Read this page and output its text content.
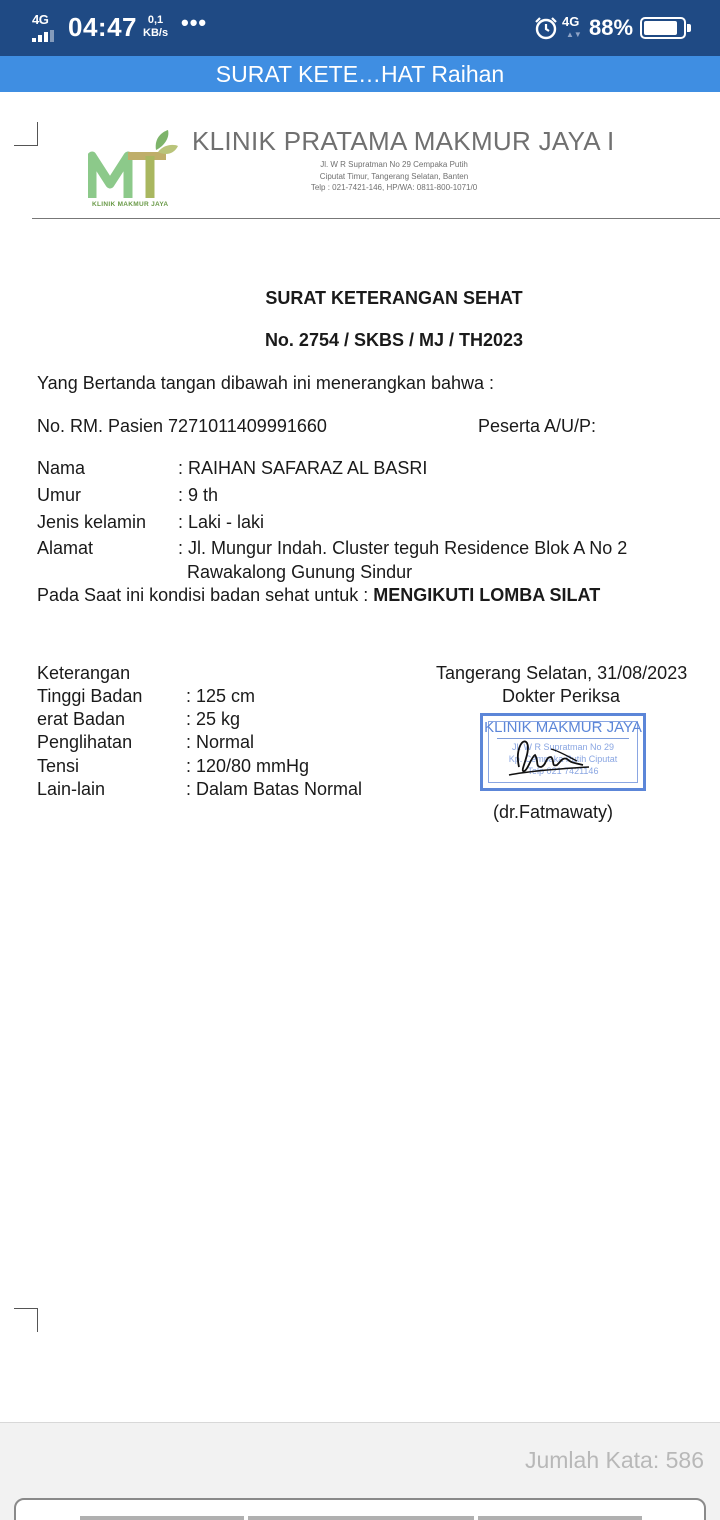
4G 04:47 0,1
KB/s •••	4G
▲▼ 88%
SURAT KETE…HAT Raihan
KLINIK MAKMUR JAYA
KLINIK PRATAMA MAKMUR JAYA I
Jl. W R Supratman No 29 Cempaka Putih
Ciputat Timur, Tangerang Selatan, Banten
Telp : 021-7421-146, HP/WA: 0811-800-1071/0
SURAT KETERANGAN SEHAT
No. 2754 / SKBS / MJ / TH2023
Yang Bertanda tangan dibawah ini menerangkan bahwa :
No. RM. Pasien 7271011409991660	Peserta A/U/P:
Nama	: RAIHAN SAFARAZ AL BASRI
Umur	: 9 th
Jenis kelamin : Laki - laki
Alamat	: Jl. Mungur Indah. Cluster teguh Residence Blok A No 2
Rawakalong Gunung Sindur
Pada Saat ini kondisi badan sehat untuk : MENGIKUTI LOMBA SILAT
Keterangan
Tinggi Badan : 125 cm
erat Badan	: 25 kg
Penglihatan	: Normal
Tensi	: 120/80 mmHg
Lain-lain	: Dalam Batas Normal
Tangerang Selatan, 31/08/2023
Dokter Periksa
KLINIK MAKMUR JAYA
Jl. W R Supratman No 29
Kp. Cempaka Putih Ciputat
Telp 021 7421146
(dr.Fatmawaty)
Jumlah Kata: 586
